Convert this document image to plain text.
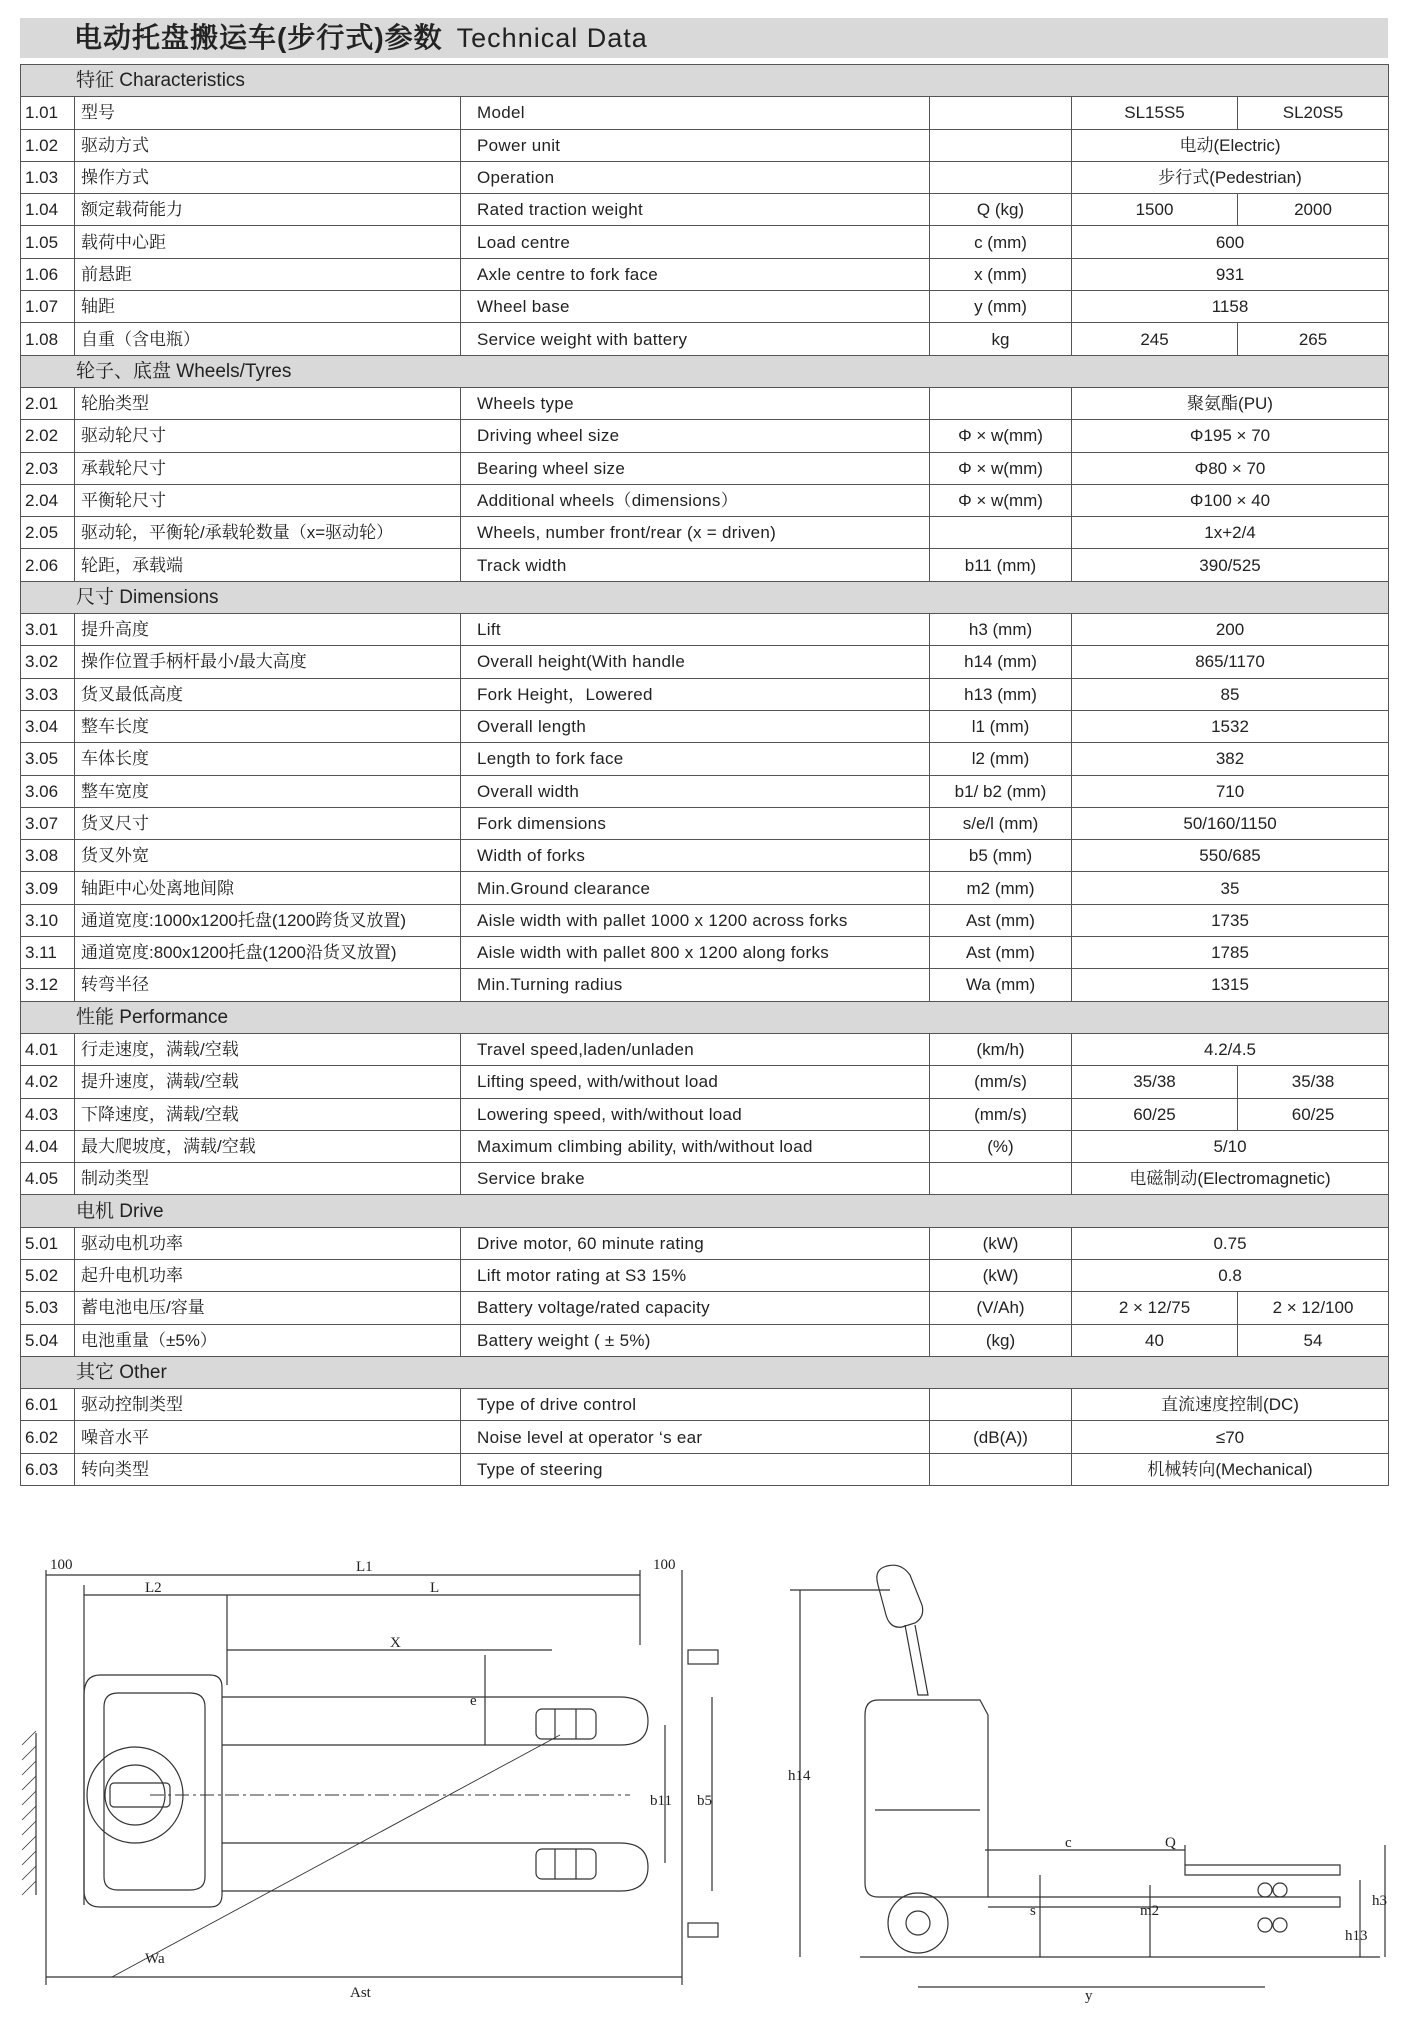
电动托盘搬运车(步行式)参数 Technical Data
特征 Characteristics					
1.01	型号	Model		SL15S5	SL20S5
1.02	驱动方式	Power unit		电动(Electric)	
1.03	操作方式	Operation		步行式(Pedestrian)	
1.04	额定载荷能力	Rated traction weight	Q (kg)	1500	2000
1.05	载荷中心距	Load centre	c (mm)	600	
1.06	前悬距	Axle centre to fork face	x (mm)	931	
1.07	轴距	Wheel base	y (mm)	1158	
1.08	自重（含电瓶）	Service weight with battery	kg	245	265
轮子、底盘 Wheels/Tyres					
2.01	轮胎类型	Wheels type		聚氨酯(PU)	
2.02	驱动轮尺寸	Driving wheel size	Φ × w(mm)	Φ195 × 70	
2.03	承载轮尺寸	Bearing wheel size	Φ × w(mm)	Φ80 × 70	
2.04	平衡轮尺寸	Additional wheels（dimensions）	Φ × w(mm)	Φ100 × 40	
2.05	驱动轮，平衡轮/承载轮数量（x=驱动轮）	Wheels, number front/rear (x = driven)		1x+2/4	
2.06	轮距，承载端	Track width	b11 (mm)	390/525	
尺寸 Dimensions					
3.01	提升高度	Lift	h3 (mm)	200	
3.02	操作位置手柄杆最小/最大高度	Overall height(With handle	h14 (mm)	865/1170	
3.03	货叉最低高度	Fork Height，Lowered	h13 (mm)	85	
3.04	整车长度	Overall length	l1 (mm)	1532	
3.05	车体长度	Length to fork face	l2 (mm)	382	
3.06	整车宽度	Overall width	b1/ b2 (mm)	710	
3.07	货叉尺寸	Fork dimensions	s/e/l (mm)	50/160/1150	
3.08	货叉外宽	Width of forks	b5 (mm)	550/685	
3.09	轴距中心处离地间隙	Min.Ground clearance	m2 (mm)	35	
3.10	通道宽度:1000x1200托盘(1200跨货叉放置)	Aisle width with pallet 1000 x 1200 across forks	Ast (mm)	1735	
3.11	通道宽度:800x1200托盘(1200沿货叉放置)	Aisle width with pallet 800 x 1200 along forks	Ast (mm)	1785	
3.12	转弯半径	Min.Turning radius	Wa (mm)	1315	
性能 Performance					
4.01	行走速度，满载/空载	Travel speed,laden/unladen	(km/h)	4.2/4.5	
4.02	提升速度，满载/空载	Lifting speed, with/without load	(mm/s)	35/38	35/38
4.03	下降速度，满载/空载	Lowering speed, with/without load	(mm/s)	60/25	60/25
4.04	最大爬坡度，满载/空载	Maximum climbing ability, with/without load	(%)	5/10	
4.05	制动类型	Service brake		电磁制动(Electromagnetic)	
电机 Drive					
5.01	驱动电机功率	Drive motor, 60 minute rating	(kW)	0.75	
5.02	起升电机功率	Lift motor rating at S3 15%	(kW)	0.8	
5.03	蓄电池电压/容量	Battery voltage/rated capacity	(V/Ah)	2 × 12/75	2 × 12/100
5.04	电池重量（±5%）	Battery weight ( ± 5%)	(kg)	40	54
其它 Other					
6.01	驱动控制类型	Type of drive control		直流速度控制(DC)	
6.02	噪音水平	Noise level at operator ‘s ear	(dB(A))	≤70	
6.03	转向类型	Type of steering		机械转向(Mechanical)	
100	100
L1
L2	L
X
e
b11 b5
Wa
Ast
h14
c	Q
s	m2
h13
h3
y
